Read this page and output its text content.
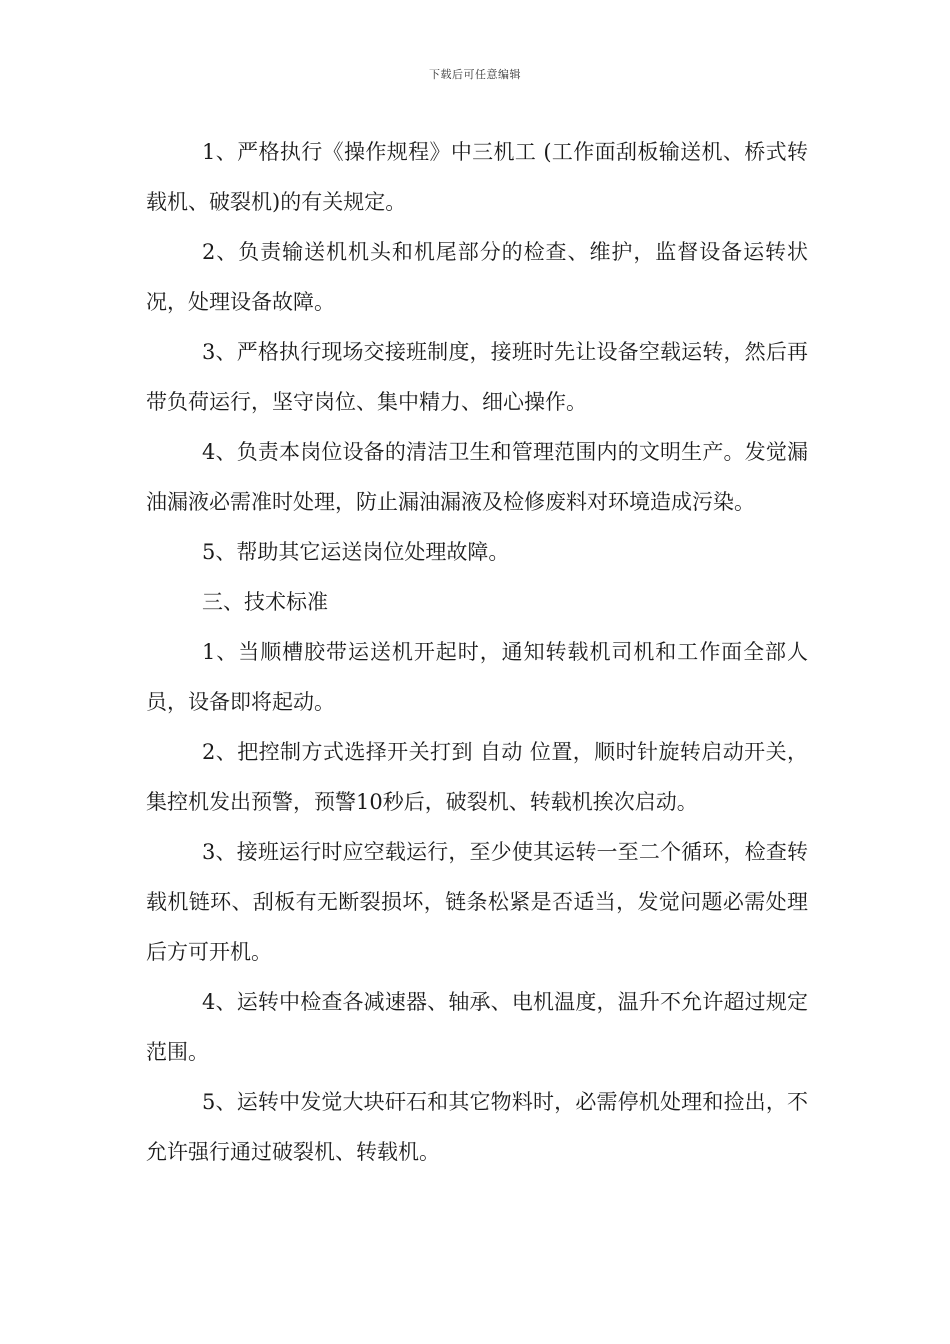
下载后可任意编辑

1、严格执行《操作规程》中三机工 (工作面刮板输送机、桥式转载机、破裂机)的有关规定。

2、负责输送机机头和机尾部分的检查、维护，监督设备运转状况，处理设备故障。

3、严格执行现场交接班制度，接班时先让设备空载运转，然后再带负荷运行，坚守岗位、集中精力、细心操作。

4、负责本岗位设备的清洁卫生和管理范围内的文明生产。发觉漏油漏液必需准时处理，防止漏油漏液及检修废料对环境造成污染。

5、帮助其它运送岗位处理故障。

三、技术标准

1、当顺槽胶带运送机开起时，通知转载机司机和工作面全部人员，设备即将起动。

2、把控制方式选择开关打到 自动 位置，顺时针旋转启动开关，集控机发出预警，预警10秒后，破裂机、转载机挨次启动。

3、接班运行时应空载运行，至少使其运转一至二个循环，检查转载机链环、刮板有无断裂损坏，链条松紧是否适当，发觉问题必需处理后方可开机。

4、运转中检查各减速器、轴承、电机温度，温升不允许超过规定范围。

5、运转中发觉大块矸石和其它物料时，必需停机处理和捡出，不允许强行通过破裂机、转载机。
